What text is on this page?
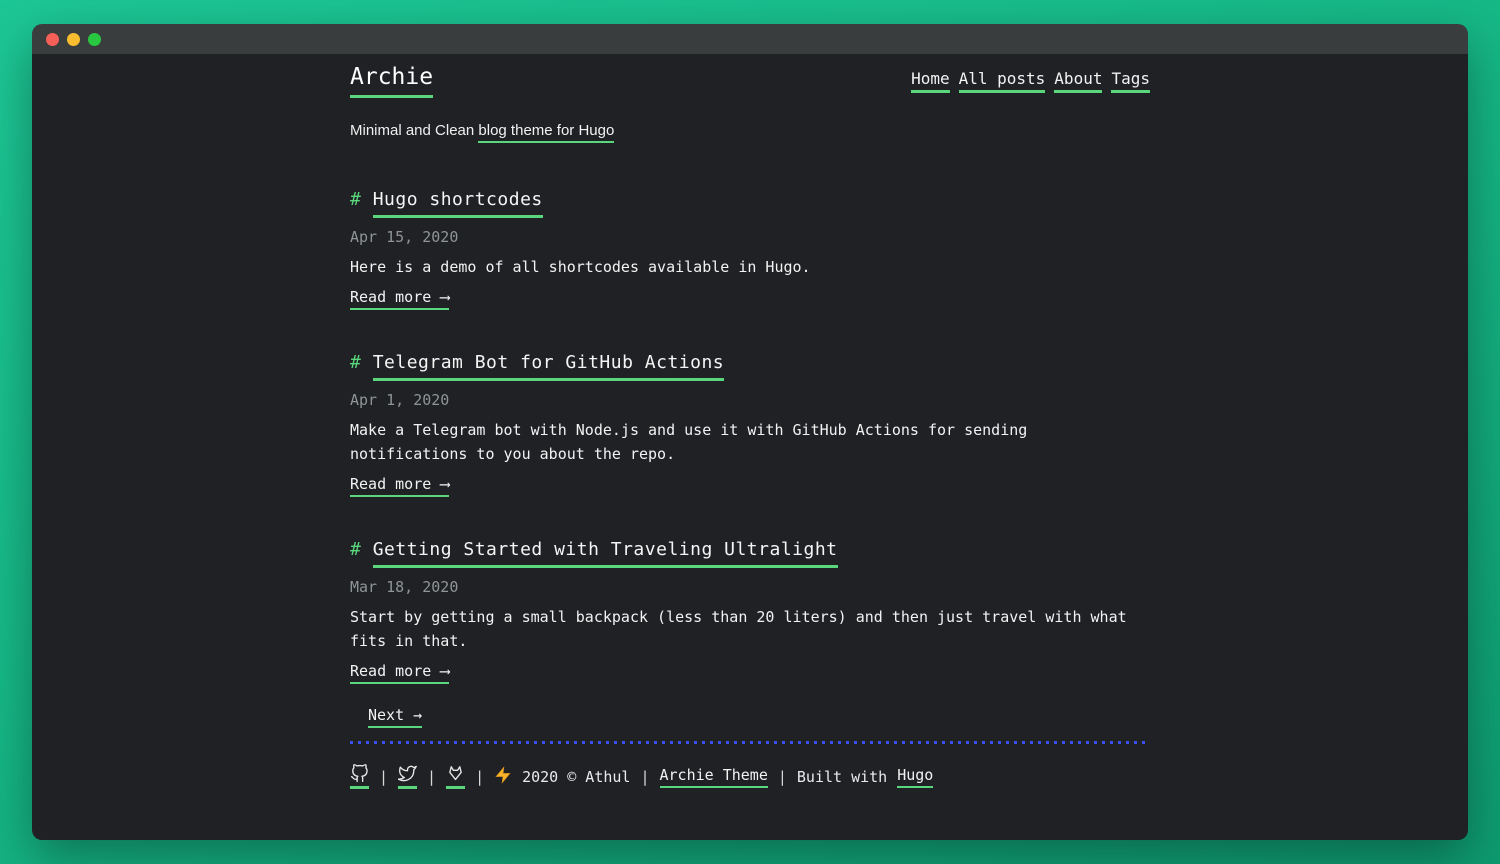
Archie	Home All posts About Tags
Minimal and Clean blog theme for Hugo
# Hugo shortcodes
Apr 15, 2020
Here is a demo of all shortcodes available in Hugo.
Read more ⟶
# Telegram Bot for GitHub Actions
Apr 1, 2020
Make a Telegram bot with Node.js and use it with GitHub Actions for sending notifications to you about the repo.
Read more ⟶
# Getting Started with Traveling Ultralight
Mar 18, 2020
Start by getting a small backpack (less than 20 liters) and then just travel with what fits in that.
Read more ⟶
Next →
|	|	|	2020 © Athul | Archie Theme | Built with Hugo
